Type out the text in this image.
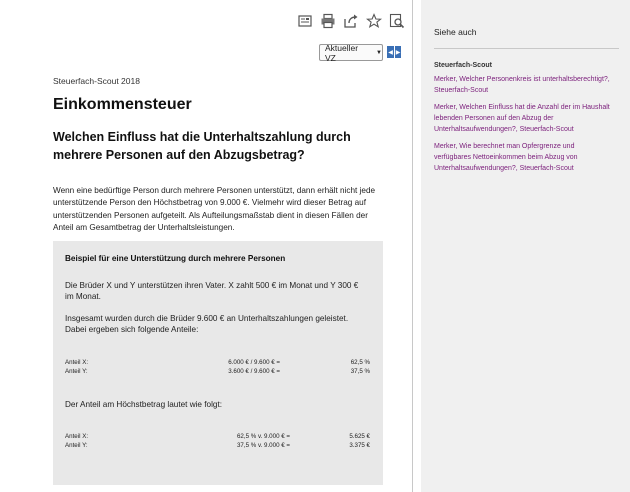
Aktueller VZ	▼ ◀ ▶
Steuerfach-Scout 2018
Einkommensteuer
Welchen Einfluss hat die Unterhaltszahlung durch mehrere Personen auf den Abzugsbetrag?
Wenn eine bedürftige Person durch mehrere Personen unterstützt, dann erhält nicht jede
unterstützende Person den Höchstbetrag von 9.000 €. Vielmehr wird dieser Betrag auf
unterstützenden Personen aufgeteilt. Als Aufteilungsmaßstab dient in diesen Fällen der
Anteil am Gesamtbetrag der Unterhaltsleistungen.
Beispiel für eine Unterstützung durch mehrere Personen
Die Brüder X und Y unterstützen ihren Vater. X zahlt 500 € im Monat und Y 300 €
im Monat.
Insgesamt wurden durch die Brüder 9.600 € an Unterhaltszahlungen geleistet.
Dabei ergeben sich folgende Anteile:
Anteil X:	6.000 € / 9.600 € =	62,5 %
Anteil Y:	3.600 € / 9.600 € =	37,5 %
Der Anteil am Höchstbetrag lautet wie folgt:
Anteil X:	62,5 % v. 9.000 € =	5.625 €
Anteil Y:	37,5 % v. 9.000 € =	3.375 €
Siehe auch
Steuerfach-Scout
Merker, Welcher Personenkreis ist unterhaltsberechtigt?,
Steuerfach-Scout
Merker, Welchen Einfluss hat die Anzahl der im Haushalt
lebenden Personen auf den Abzug der
Unterhaltsaufwendungen?, Steuerfach-Scout
Merker, Wie berechnet man Opfergrenze und
verfügbares Nettoeinkommen beim Abzug von
Unterhaltsaufwendungen?, Steuerfach-Scout
